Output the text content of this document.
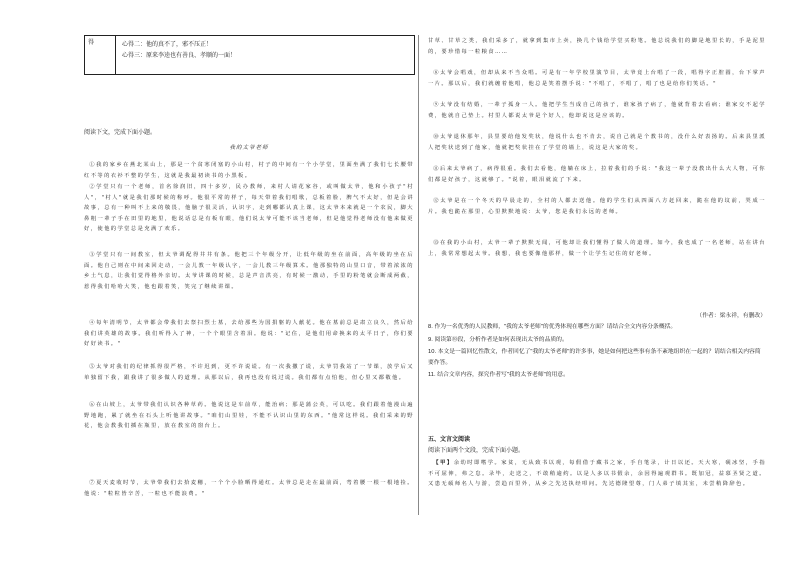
得	心得二：他的真不了，邪不压正！
心得三：原来李逵也有善良、孝顺的一面！
阅读下文，完成下面小题。
我的太爷老师

①我的家乡在燕北某山上，那是一个贫寒闭塞的小山村，村子的中间有一个小学堂，里面坐满了我们七长腰带红不等的衣衫不整的学生，这就是我最初读书的小黑板。

②学堂只有一个老师，首名徐润旧，四十多岁，民办教师，来村人请花家谷，或叫做太爷，他和小孩子"村人"，"村人"就是我们那时候的称呼。他很平常的样子，每天带着我们唱歌，总板着脸，脾气不太好，但是会讲故事，总有一种叫不上来的敬畏，他脑子很灵活，认识字，走到哪都认真上课，这太爷本来就是一个农民，脚大鼻粗一辈子手在田里的地里，他说话总是有板有眼，他们说太爷可能不该当老师，但是他觉得老师没有他来做更好，使他的学堂总是充满了欢乐。

③学堂只有一间教室，但太爷调配得井井有条。他把三个年级分开，让低年级的坐在前面，高年级的坐在后面。他自己则在中间来回走动，一会儿教一年级认字，一会儿教三年级算术。他那独特的山里口音，带着浓浓的乡土气息，让我们觉得格外亲切。太爷讲课的时候，总是声音洪亮，有时候一激动，手里的粉笔就会断成两截，惹得我们哈哈大笑，他也跟着笑，笑完了继续讲课。

④每年清明节，太爷都会带我们去祭扫烈士墓，去给那些为国捐躯的人献花。他在墓前总是肃立良久，然后给我们讲英雄的故事。我们听得入了神，一个个眼里含着泪。他说："记住，是他们用命换来的太平日子，你们要好好读书。"

⑤太爷对我们的纪律抓得很严格，不许迟到，更不许说谎。有一次我撒了谎，太爷罚我站了一节课，放学后又单独留下我，跟我讲了很多做人的道理。从那以后，我再也没有说过谎。我们都有点怕他，但心里又都敬他。

⑥在山坡上，太爷带我们认识各种草药。他说这是车前草，能治病；那是蒲公英，可以吃。我们跟着他漫山遍野地跑，累了就坐在石头上听他讲故事。"咱们山里娃，不能不认识山里的东西。"他常这样说。我们采来的野花，他会教我们插在瓶里，放在教室的窗台上。

⑦夏天麦收时节，太爷带我们去拾麦穗，一个个小脸晒得通红。太爷总是走在最前面，弯着腰一根一根地捡。他说："粒粒皆辛苦，一粒也不能浪费。"

甘草、甘草之类，我们采多了，就拿到集市上卖，换几个钱给学堂买粉笔。他总说我们的脚是地里长的，手是泥里的，要珍惜每一粒粮食……

⑧太爷会唱戏，但却从来不当众唱。可是有一年学校里演节目，太爷竟上台唱了一段，唱得字正腔圆，台下掌声一片。那以后，我们就缠着他唱，他总是笑着摆手说："不唱了，不唱了，唱了也是给你们笑话。"

⑨太爷没有结婚，一辈子孤身一人。他把学生当成自己的孩子，谁家孩子病了，他就背着去看病；谁家交不起学费，他就自己垫上。村里人都说太爷是个好人，他却说这是应该的。

⑩太爷退休那年，县里要给他发奖状，他说什么也不肯去，说自己就是个教书的，没什么好表扬的。后来县里派人把奖状送到了他家，他就把奖状挂在了学堂的墙上，说这是大家的奖。

⑪后来太爷病了，病得很重。我们去看他，他躺在床上，拉着我们的手说："我这一辈子没教出什么大人物，可你们都是好孩子，这就够了。"说着，眼泪就流了下来。

⑫太爷是在一个冬天的早晨走的，全村的人都去送他。他的学生们从四面八方赶回来，跪在他的坟前，哭成一片。我也跪在那里，心里默默地说：太爷，您是我们永远的老师。

⑬在我的小山村，太爷一辈子默默无闻，可他却让我们懂得了做人的道理。如今，我也成了一名老师，站在讲台上，我常常想起太爷。我想，我也要像他那样，做一个让学生记住的好老师。

（作者：梁永祥，有删改）

8. 作为一名优秀的人民教师，"我的太爷老师"的优秀体现在哪些方面？请结合全文内容分条概括。

9. 阅读第⑩段，分析作者是如何表现出太爷的品质的。

10. 本文是一篇回忆性散文，作者回忆了"我的太爷老师"的许多事，她是如何把这些事有条不紊地组织在一起的？请结合相关内容简要作答。

11. 结合文章内容，探究作者写"我的太爷老师"的用意。

五、文言文阅读
阅读下面两个文段，完成下面小题。

【甲】余幼时即嗜学。家贫，无从致书以观，每假借于藏书之家，手自笔录，计日以还。天大寒，砚冰坚，手指不可屈伸，弗之怠。录毕，走送之，不敢稍逾约。以是人多以书假余，余因得遍观群书。既加冠，益慕圣贤之道。又患无硕师名人与游，尝趋百里外，从乡之先达执经叩问。先达德隆望尊，门人弟子填其室，未尝稍降辞色。
